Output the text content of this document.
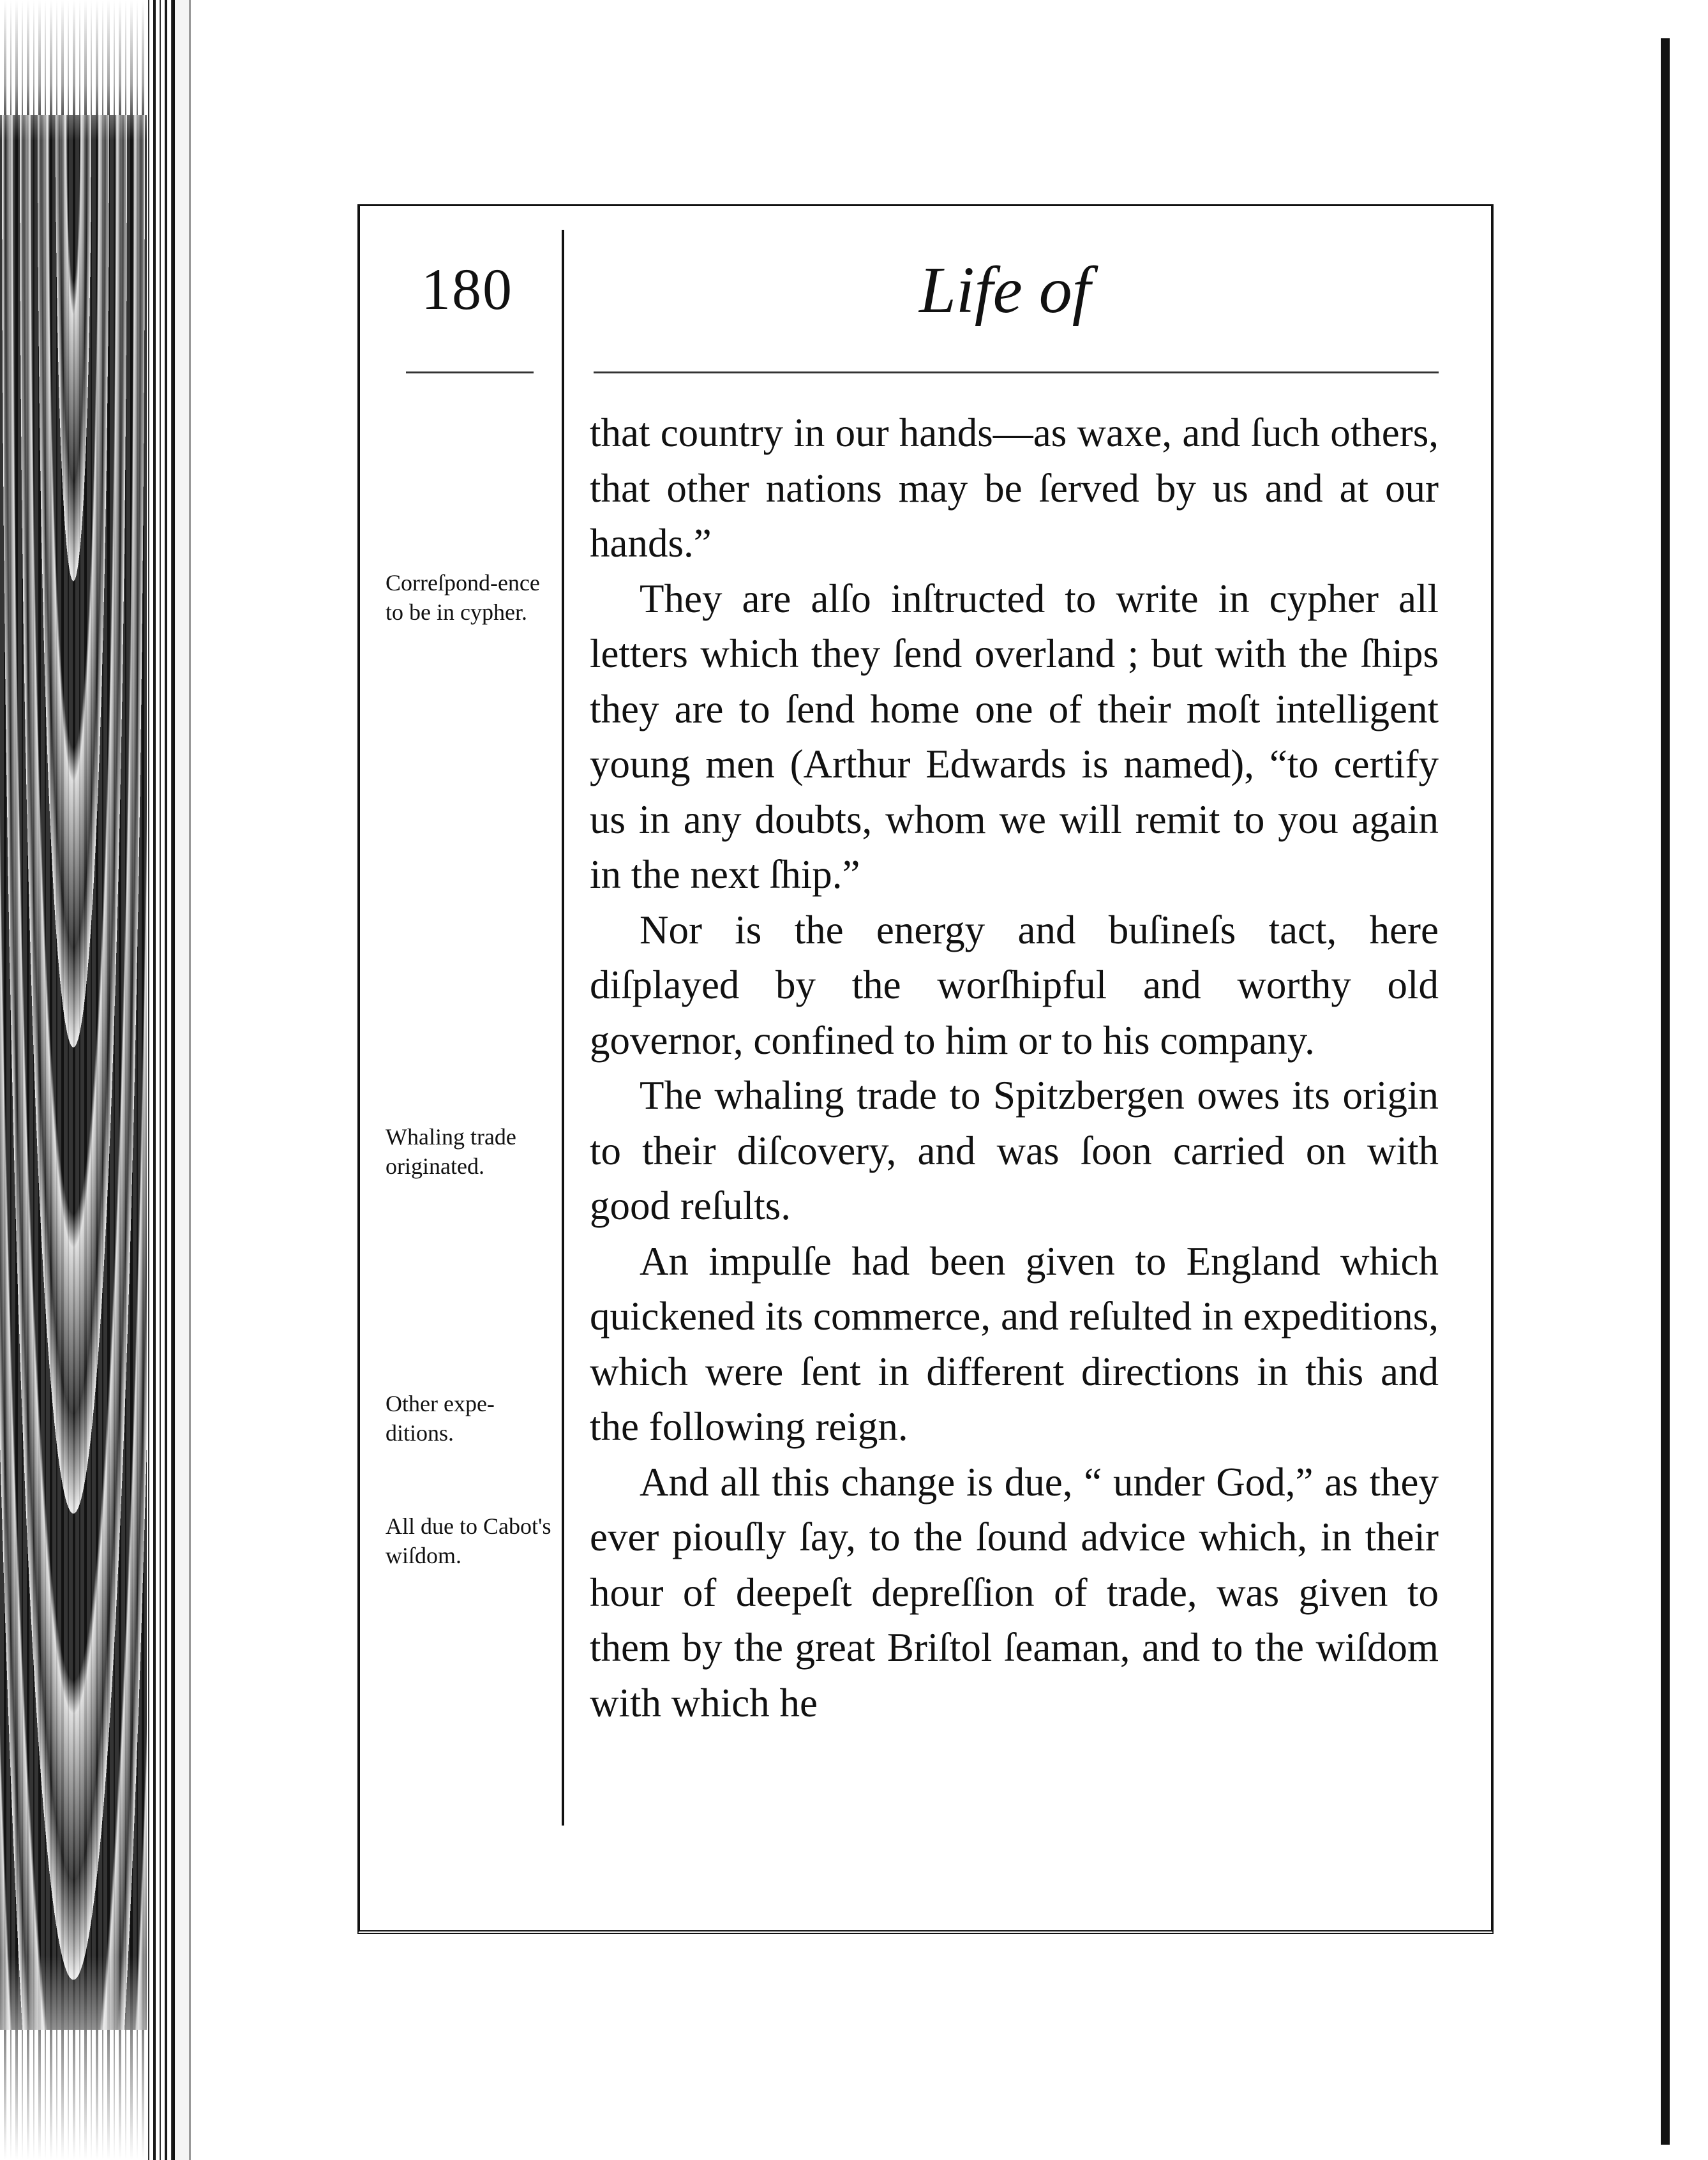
180	Life of

that country in our hands—as waxe, and ſuch others, that other nations may be ſerved by us and at our hands.”

They are alſo inſtructed to write in cypher all letters which they ſend overland ; but with the ſhips they are to ſend home one of their moſt intelligent young men (Arthur Edwards is named), “to certify us in any doubts, whom we will remit to you again in the next ſhip.”

Nor is the energy and buſineſs tact, here diſplayed by the worſhipful and worthy old governor, confined to him or to his company.

The whaling trade to Spitzbergen owes its origin to their diſcovery, and was ſoon carried on with good reſults.

An impulſe had been given to England which quickened its commerce, and reſulted in expeditions, which were ſent in different directions in this and the following reign.

And all this change is due, “ under God,” as they ever piouſly ſay, to the ſound advice which, in their hour of deepeſt depreſſion of trade, was given to them by the great Briſtol ſeaman, and to the wiſdom with which he

Correſpond-ence to be in cypher.
Whaling trade originated.
Other expe-ditions.
All due to Cabot's wiſdom.
